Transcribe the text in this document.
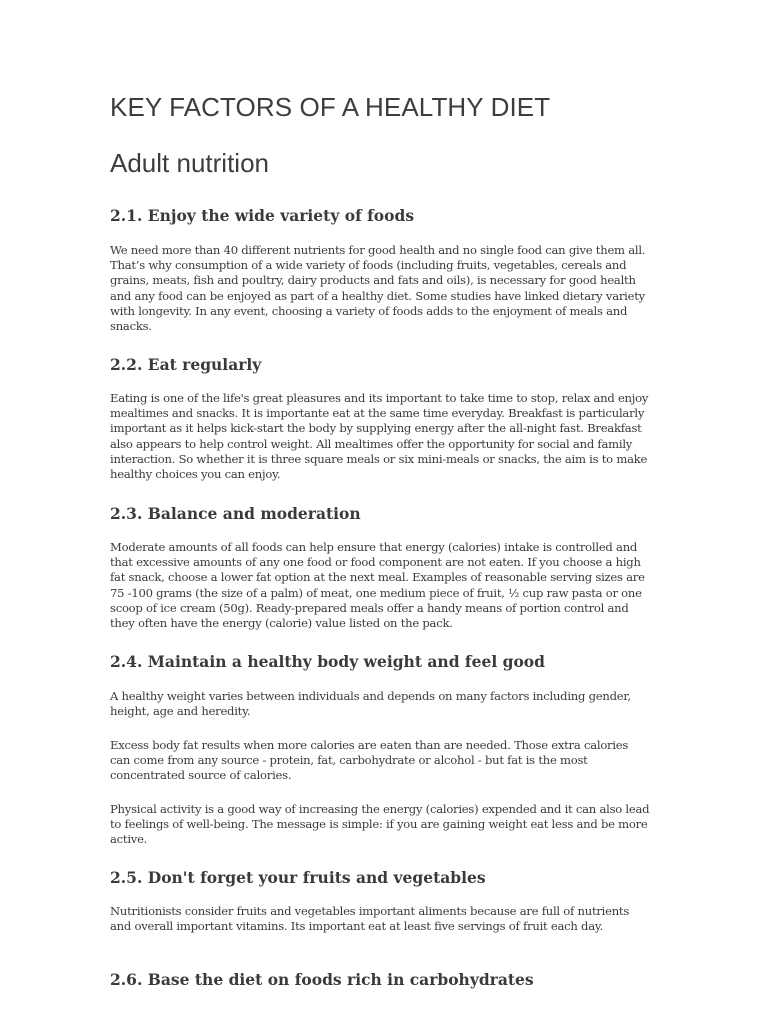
KEY FACTORS OF A HEALTHY DIET
Adult nutrition
2.1. Enjoy the wide variety of foods

We need more than 40 different nutrients for good health and no single food can give them all. That’s why consumption of a wide variety of foods (including fruits, vegetables, cereals and grains, meats, fish and poultry, dairy products and fats and oils), is necessary for good health and any food can be enjoyed as part of a healthy diet. Some studies have linked dietary variety with longevity. In any event, choosing a variety of foods adds to the enjoyment of meals and snacks.

2.2. Eat regularly

Eating is one of the life's great pleasures and its important to take time to stop, relax and enjoy mealtimes and snacks. It is importante eat at the same time everyday. Breakfast is particularly important as it helps kick-start the body by supplying energy after the all-night fast. Breakfast also appears to help control weight. All mealtimes offer the opportunity for social and family interaction. So whether it is three square meals or six mini-meals or snacks, the aim is to make healthy choices you can enjoy.

2.3. Balance and moderation

Moderate amounts of all foods can help ensure that energy (calories) intake is controlled and that excessive amounts of any one food or food component are not eaten. If you choose a high fat snack, choose a lower fat option at the next meal. Examples of reasonable serving sizes are 75 -100 grams (the size of a palm) of meat, one medium piece of fruit, ½ cup raw pasta or one scoop of ice cream (50g). Ready-prepared meals offer a handy means of portion control and they often have the energy (calorie) value listed on the pack.

2.4. Maintain a healthy body weight and feel good

A healthy weight varies between individuals and depends on many factors including gender, height, age and heredity.

Excess body fat results when more calories are eaten than are needed. Those extra calories can come from any source - protein, fat, carbohydrate or alcohol - but fat is the most concentrated source of calories.

Physical activity is a good way of increasing the energy (calories) expended and it can also lead to feelings of well-being. The message is simple: if you are gaining weight eat less and be more active.

2.5. Don't forget your fruits and vegetables

Nutritionists consider fruits and vegetables important aliments because are full of nutrients and overall important vitamins. Its important eat at least five servings of fruit each day.

2.6. Base the diet on foods rich in carbohydrates
